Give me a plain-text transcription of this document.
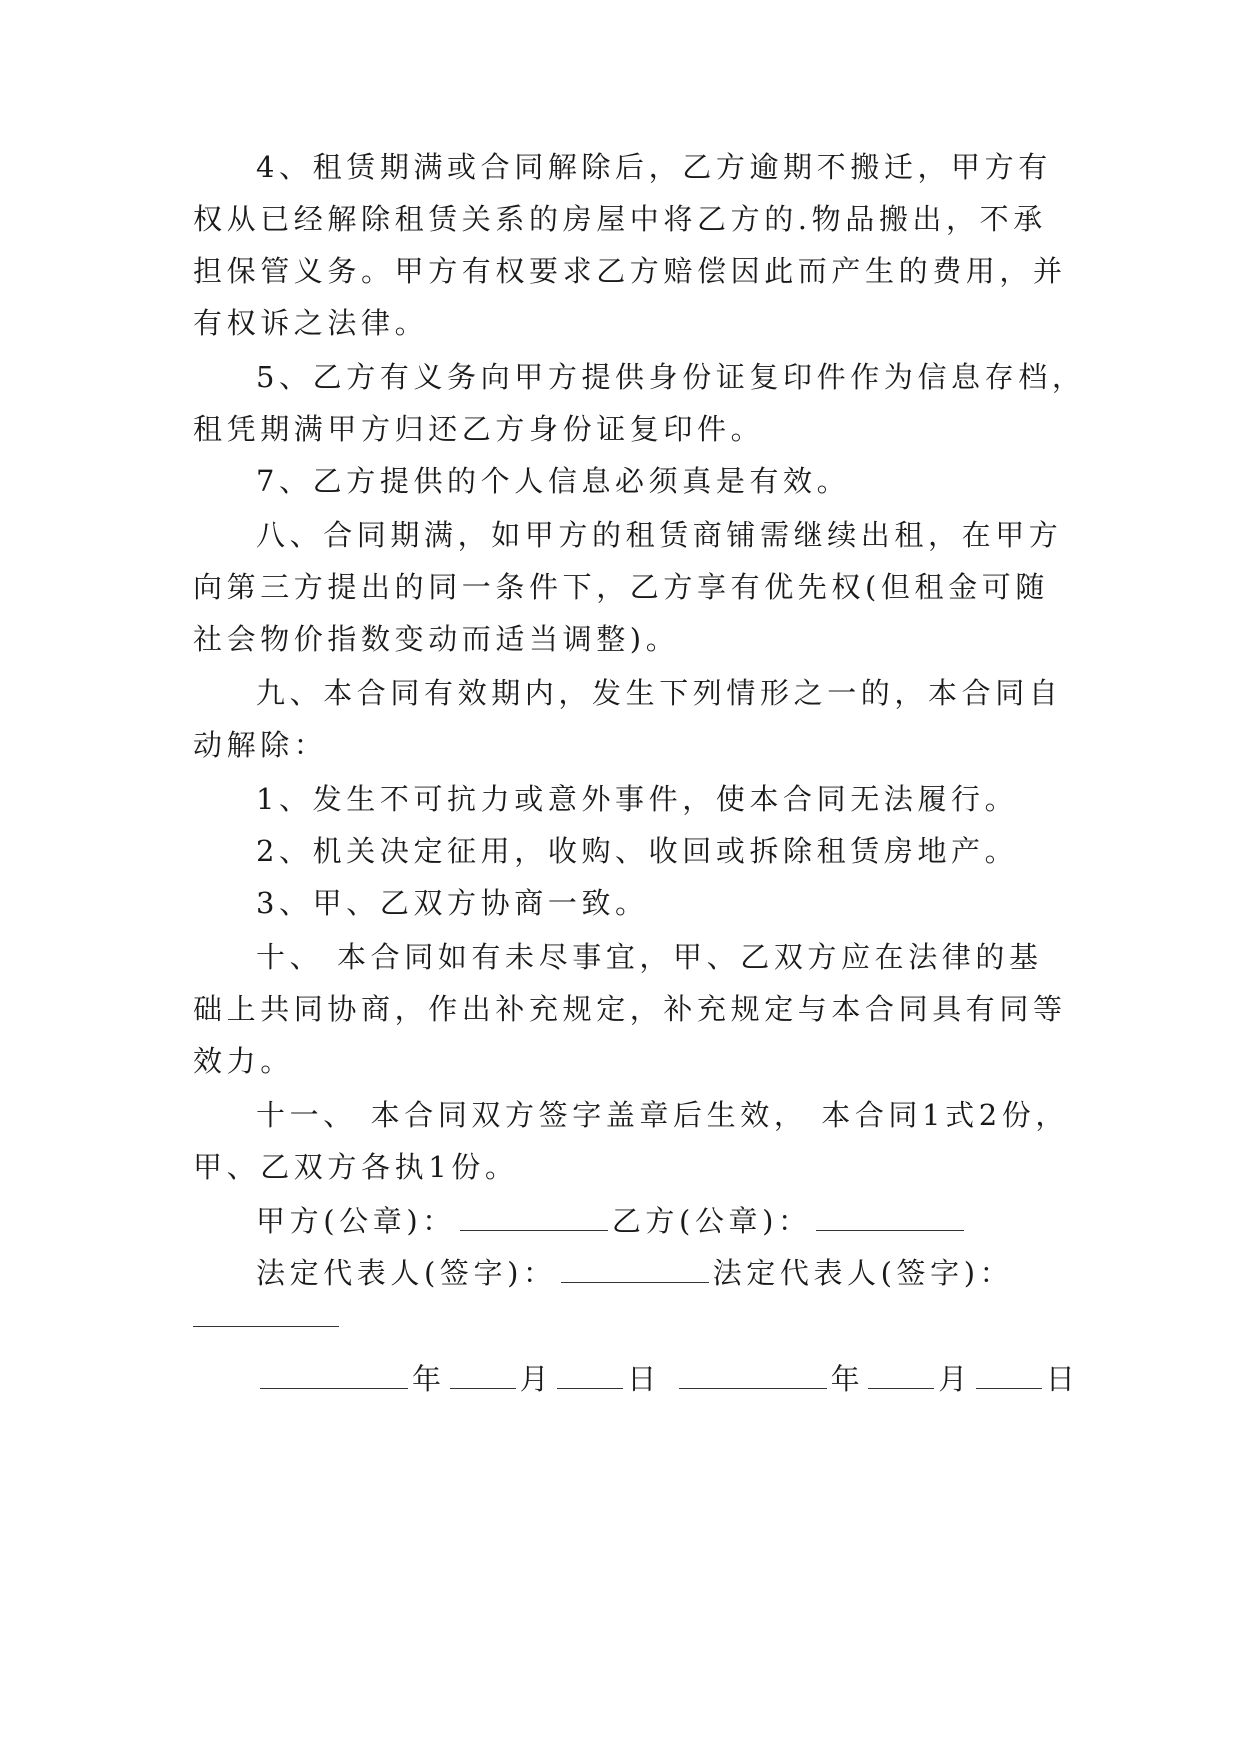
4、租赁期满或合同解除后，乙方逾期不搬迁，甲方有
权从已经解除租赁关系的房屋中将乙方的.物品搬出，不承
担保管义务。甲方有权要求乙方赔偿因此而产生的费用，并
有权诉之法律。
5、乙方有义务向甲方提供身份证复印件作为信息存档，
租凭期满甲方归还乙方身份证复印件。
7、乙方提供的个人信息必须真是有效。
八、合同期满，如甲方的租赁商铺需继续出租，在甲方
向第三方提出的同一条件下，乙方享有优先权(但租金可随
社会物价指数变动而适当调整)。
九、本合同有效期内，发生下列情形之一的，本合同自
动解除：
1、发生不可抗力或意外事件，使本合同无法履行。
2、机关决定征用，收购、收回或拆除租赁房地产。
3、甲、乙双方协商一致。
十、 本合同如有未尽事宜，甲、乙双方应在法律的基
础上共同协商，作出补充规定，补充规定与本合同具有同等
效力。
十一、 本合同双方签字盖章后生效， 本合同1式2份，
甲、乙双方各执1份。
甲方(公章)：	乙方(公章)：
法定代表人(签字)：	法定代表人(签字)：
年	月	日	年	月	日
